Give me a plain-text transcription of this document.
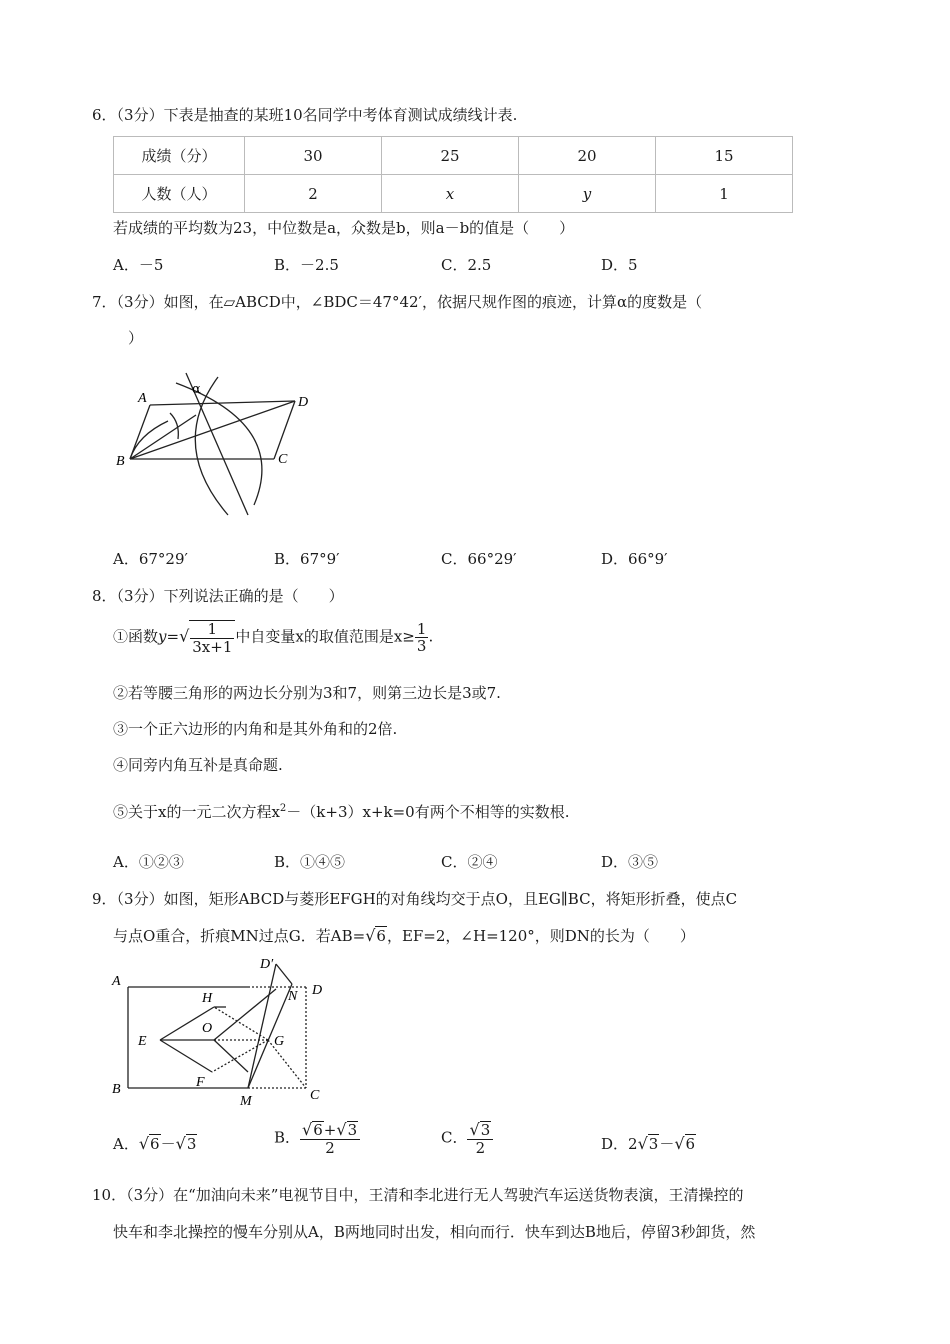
6．（3分）下表是抽查的某班10名同学中考体育测试成绩线计表.
成绩（分）	30	25	20	15
人数（人）	2	x	y	1
若成绩的平均数为23，中位数是a，众数是b，则a－b的值是（　　）
A．－5	B．－2.5	C．2.5	D．5
7．（3分）如图，在▱ABCD中，∠BDC＝47°42′，依据尺规作图的痕迹，计算α的度数是（
）
A
B	C
D
α
A．67°29′	B．67°9′	C．66°29′	D．66°9′
8．（3分）下列说法正确的是（　　）
①函数$y=√ \frac{1}{3x+1}$ 中自变量x的取值范围是$x\ge \frac{1}{3}$ .
②若等腰三角形的两边长分别为3和7，则第三边长是3或7.
③一个正六边形的内角和是其外角和的2倍.
④同旁内角互补是真命题.
⑤关于x的一元二次方程$x^2-(k+3)x+k=0$有两个不相等的实数根.
A．①②③	B．①④⑤	C．②④	D．③⑤
9．（3分）如图，矩形ABCD与菱形EFGH的对角线均交于点O，且EG∥BC，将矩形折叠，使点C
与点O重合，折痕MN过点G．若AB=√6，EF=2，∠H=120°，则DN的长为（　　）
A
B	C
D
D′
N
H
O
E	G
F
M
A．√6－√3	B． $\frac{√6+√3}{2}$	C． $\frac{√3}{2}$	D．2√3－√6
10．（3分）在“加油向未来”电视节目中，王清和李北进行无人驾驶汽车运送货物表演，王清操控的
快车和李北操控的慢车分别从A，B两地同时出发，相向而行．快车到达B地后，停留3秒卸货，然
